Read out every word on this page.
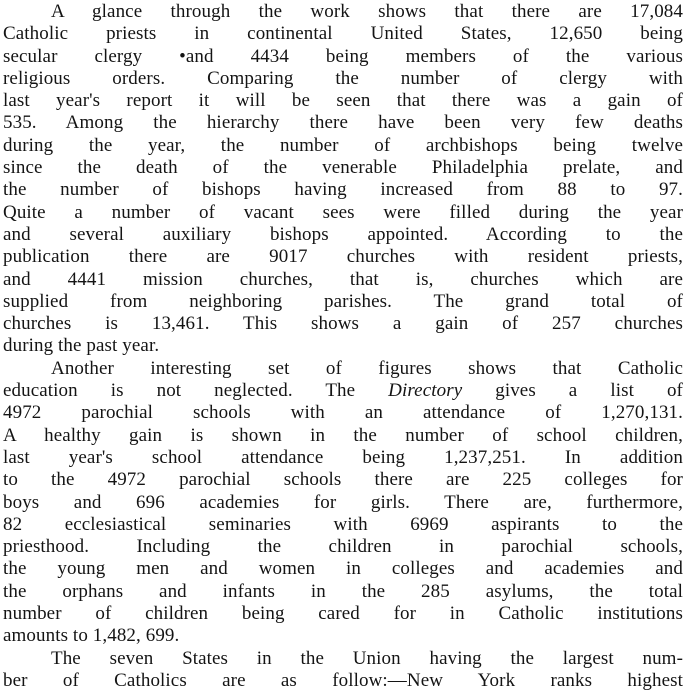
A glance through the work shows that there are 17,084
Catholic priests in continental United States, 12,650 being
secular clergy •and 4434 being members of the various
religious orders. Comparing the number of clergy with
last year's report it will be seen that there was a gain of
535. Among the hierarchy there have been very few deaths
during the year, the number of archbishops being twelve
since the death of the venerable Philadelphia prelate, and
the number of bishops having increased from 88 to 97.
Quite a number of vacant sees were filled during the year
and several auxiliary bishops appointed. According to the
publication there are 9017 churches with resident priests,
and 4441 mission churches, that is, churches which are
supplied from neighboring parishes. The grand total of
churches is 13,461. This shows a gain of 257 churches
during the past year.
Another interesting set of figures shows that Catholic
education is not neglected. The Directory gives a list of
4972 parochial schools with an attendance of 1,270,131.
A healthy gain is shown in the number of school children,
last year's school attendance being 1,237,251. In addition
to the 4972 parochial schools there are 225 colleges for
boys and 696 academies for girls. There are, furthermore,
82 ecclesiastical seminaries with 6969 aspirants to the
priesthood. Including the children in parochial schools,
the young men and women in colleges and academies and
the orphans and infants in the 285 asylums, the total
number of children being cared for in Catholic institutions
amounts to 1,482, 699.
The seven States in the Union having the largest num-
ber of Catholics are as follow:—New York ranks highest
